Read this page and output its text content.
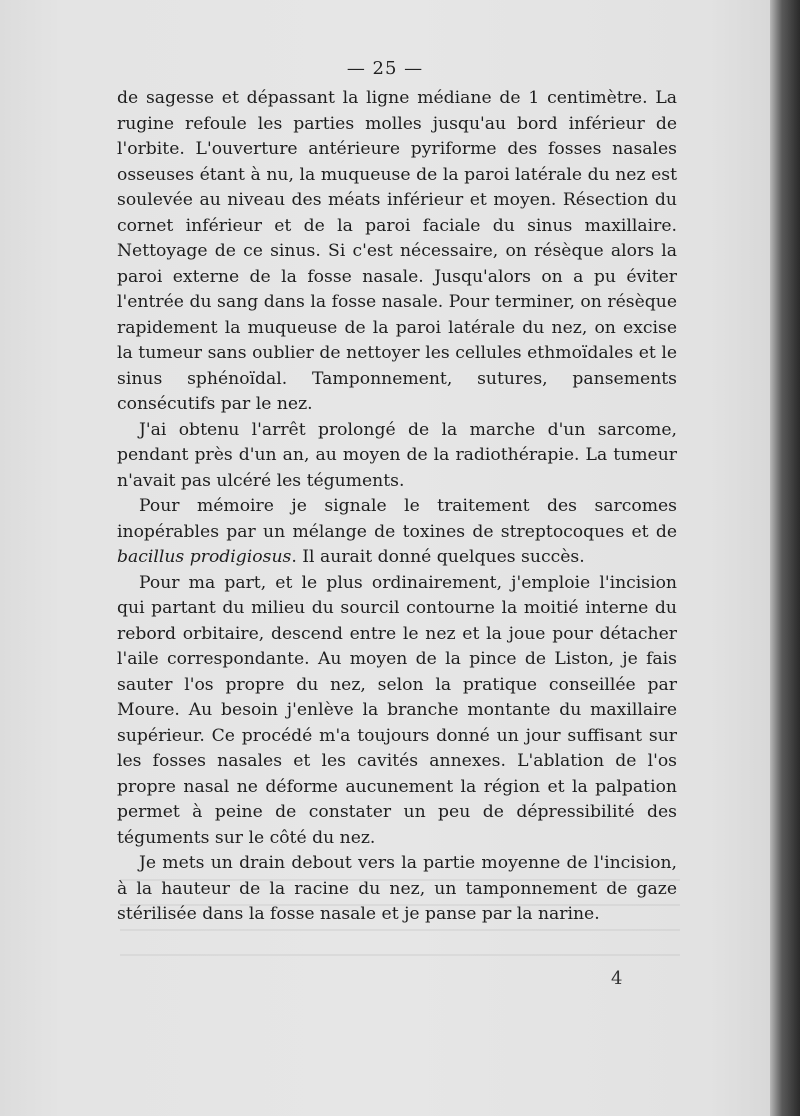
— 25 —

de sagesse et dépassant la ligne médiane de 1 centimètre. La rugine refoule les parties molles jusqu'au bord inférieur de l'orbite. L'ouverture antérieure pyriforme des fosses nasales osseuses étant à nu, la muqueuse de la paroi latérale du nez est soulevée au niveau des méats inférieur et moyen. Résection du cornet inférieur et de la paroi faciale du sinus maxillaire. Nettoyage de ce sinus. Si c'est nécessaire, on résèque alors la paroi externe de la fosse nasale. Jusqu'alors on a pu éviter l'entrée du sang dans la fosse nasale. Pour terminer, on résèque rapidement la muqueuse de la paroi latérale du nez, on excise la tumeur sans oublier de nettoyer les cellules ethmoïdales et le sinus sphénoïdal. Tamponnement, sutures, pansements consécutifs par le nez.

J'ai obtenu l'arrêt prolongé de la marche d'un sarcome, pendant près d'un an, au moyen de la radiothérapie. La tumeur n'avait pas ulcéré les téguments.

Pour mémoire je signale le traitement des sarcomes inopérables par un mélange de toxines de streptocoques et de bacillus prodigiosus. Il aurait donné quelques succès.

Pour ma part, et le plus ordinairement, j'emploie l'incision qui partant du milieu du sourcil contourne la moitié interne du rebord orbitaire, descend entre le nez et la joue pour détacher l'aile correspondante. Au moyen de la pince de Liston, je fais sauter l'os propre du nez, selon la pratique conseillée par Moure. Au besoin j'enlève la branche montante du maxillaire supérieur. Ce procédé m'a toujours donné un jour suffisant sur les fosses nasales et les cavités annexes. L'ablation de l'os propre nasal ne déforme aucunement la région et la palpation permet à peine de constater un peu de dépressibilité des téguments sur le côté du nez.

Je mets un drain debout vers la partie moyenne de l'incision, à la hauteur de la racine du nez, un tamponnement de gaze stérilisée dans la fosse nasale et je panse par la narine.

4
